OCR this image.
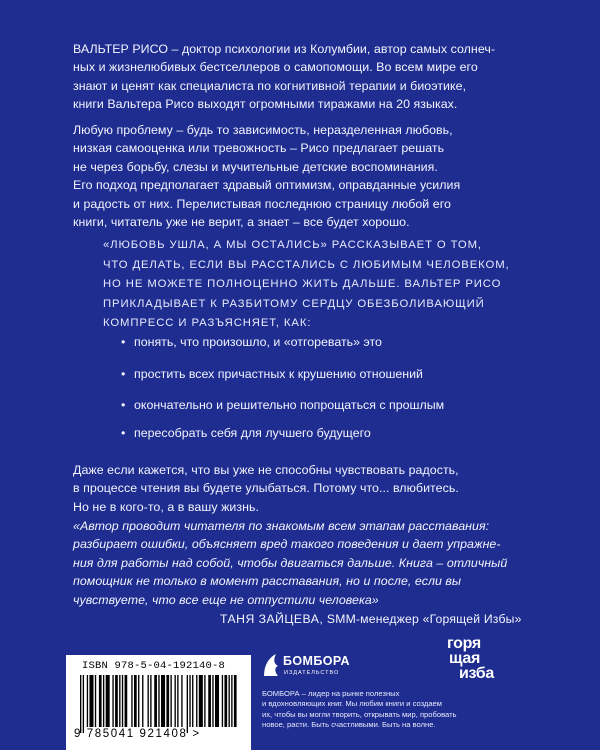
ВАЛЬТЕР РИСО – доктор психологии из Колумбии, автор самых солнеч-
ных и жизнелюбивых бестселлеров о самопомощи. Во всем мире его
знают и ценят как специалиста по когнитивной терапии и биоэтике,
книги Вальтера Рисо выходят огромными тиражами на 20 языках.
Любую проблему – будь то зависимость, неразделенная любовь,
низкая самооценка или тревожность – Рисо предлагает решать
не через борьбу, слезы и мучительные детские воспоминания.
Его подход предполагает здравый оптимизм, оправданные усилия
и радость от них. Перелистывая последнюю страницу любой его
книги, читатель уже не верит, а знает – все будет хорошо.
«ЛЮБОВЬ УШЛА, А МЫ ОСТАЛИСЬ» РАССКАЗЫВАЕТ О ТОМ,
ЧТО ДЕЛАТЬ, ЕСЛИ ВЫ РАССТАЛИСЬ С ЛЮБИМЫМ ЧЕЛОВЕКОМ,
НО НЕ МОЖЕТЕ ПОЛНОЦЕННО ЖИТЬ ДАЛЬШЕ. ВАЛЬТЕР РИСО
ПРИКЛАДЫВАЕТ К РАЗБИТОМУ СЕРДЦУ ОБЕЗБОЛИВАЮЩИЙ
КОМПРЕСС И РАЗЪЯСНЯЕТ, КАК:
• понять, что произошло, и «отгоревать» это
• простить всех причастных к крушению отношений
• окончательно и решительно попрощаться с прошлым
• пересобрать себя для лучшего будущего
Даже если кажется, что вы уже не способны чувствовать радость,
в процессе чтения вы будете улыбаться. Потому что... влюбитесь.
Но не в кого-то, а в вашу жизнь.
«Автор проводит читателя по знакомым всем этапам расставания:
разбирает ошибки, объясняет вред такого поведения и дает упражне-
ния для работы над собой, чтобы двигаться дальше. Книга – отличный
помощник не только в момент расставания, но и после, если вы
чувствуете, что все еще не отпустили человека»
ТАНЯ ЗАЙЦЕВА, SMM-менеджер «Горящей Избы»
ISBN 978-5-04-192140-8
9 785041 921408 >
БОМБОРА
ИЗДАТЕЛЬСТВО
БОМБОРА – лидер на рынке полезных
и вдохновляющих книг. Мы любим книги и создаем
их, чтобы вы могли творить, открывать мир, пробовать
новое, расти. Быть счастливыми. Быть на волне.
горя
щая
изба
